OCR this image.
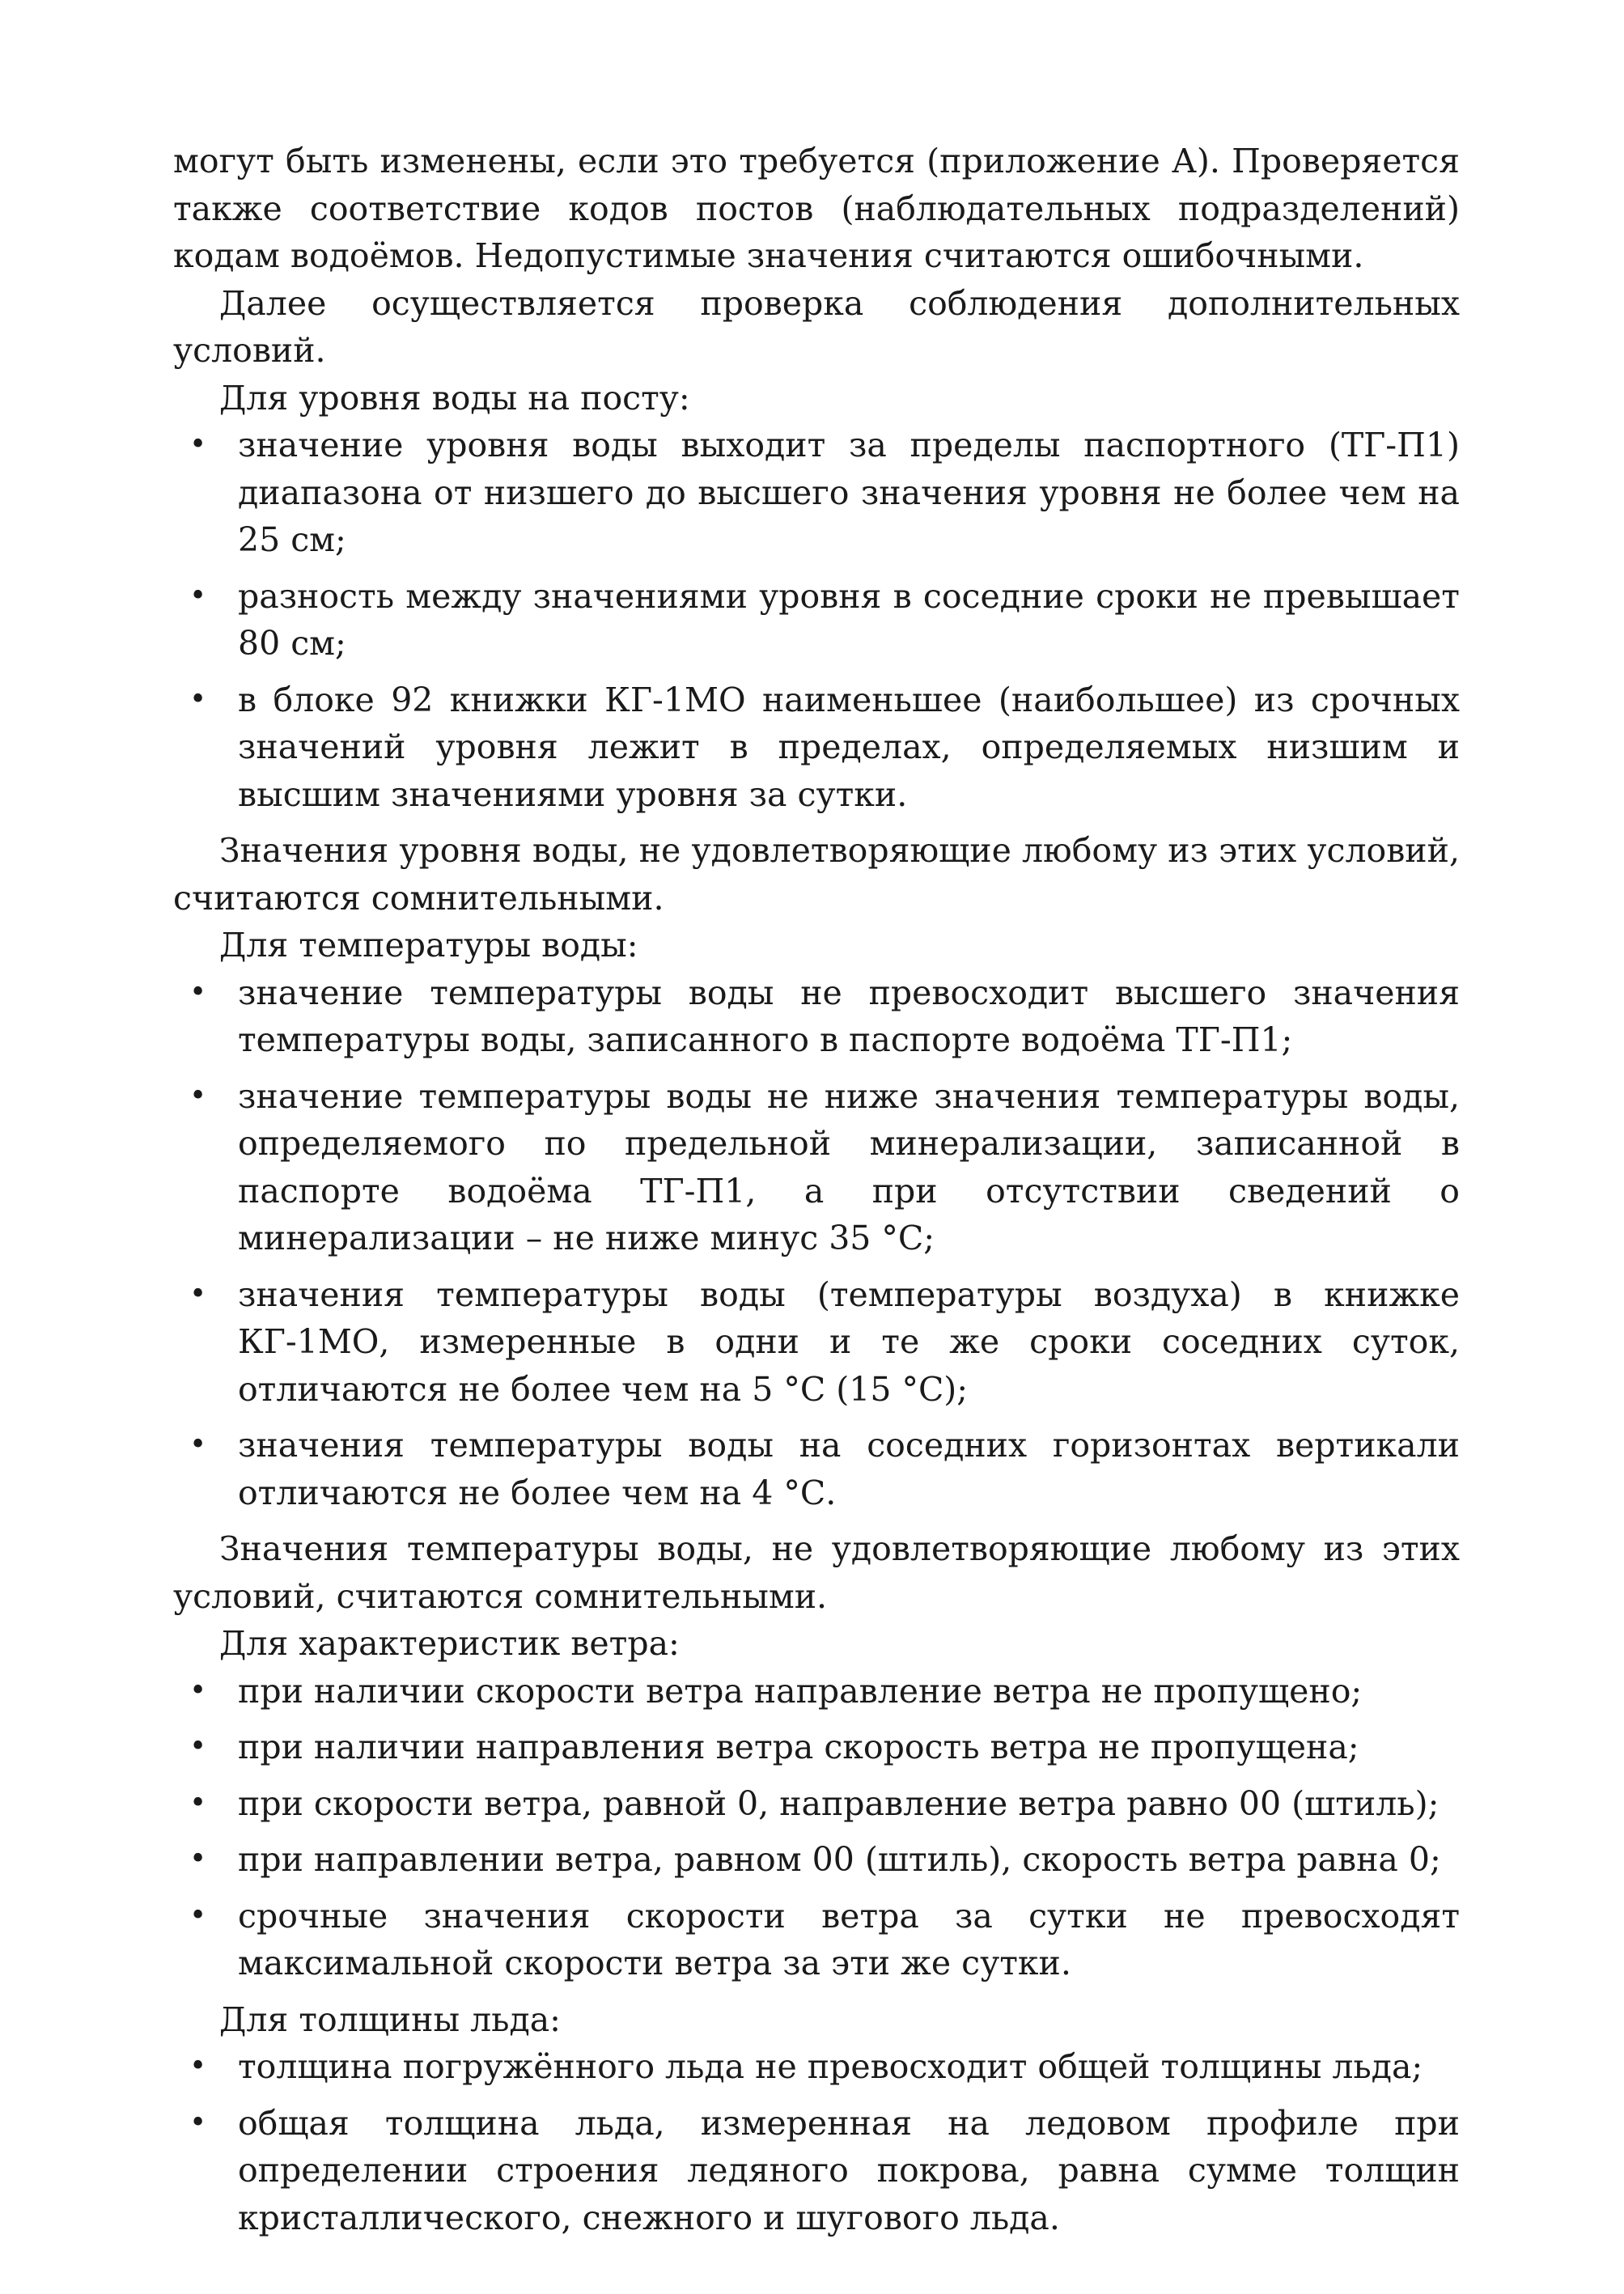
могут быть изменены, если это требуется (приложение А). Проверяется также соответствие кодов постов (наблюдательных подразделений) кодам водоёмов. Недопустимые значения считаются ошибочными.

Далее осуществляется проверка соблюдения дополнительных условий.

Для уровня воды на посту:

• значение уровня воды выходит за пределы паспортного (ТГ-П1) диапазона от низшего до высшего значения уровня не более чем на 25 см;
• разность между значениями уровня в соседние сроки не превышает 80 см;
• в блоке 92 книжки КГ-1МО наименьшее (наибольшее) из срочных значений уровня лежит в пределах, определяемых низшим и высшим значениями уровня за сутки.

Значения уровня воды, не удовлетворяющие любому из этих условий, считаются сомнительными.

Для температуры воды:

• значение температуры воды не превосходит высшего значения температуры воды, записанного в паспорте водоёма ТГ-П1;
• значение температуры воды не ниже значения температуры воды, определяемого по предельной минерализации, записанной в паспорте водоёма ТГ-П1, а при отсутствии сведений о минерализации – не ниже минус 35 °С;
• значения температуры воды (температуры воздуха) в книжке КГ-1МО, измеренные в одни и те же сроки соседних суток, отличаются не более чем на 5 °С (15 °С);
• значения температуры воды на соседних горизонтах вертикали отличаются не более чем на 4 °С.

Значения температуры воды, не удовлетворяющие любому из этих условий, считаются сомнительными.

Для характеристик ветра:

• при наличии скорости ветра направление ветра не пропущено;
• при наличии направления ветра скорость ветра не пропущена;
• при скорости ветра, равной 0, направление ветра равно 00 (штиль);
• при направлении ветра, равном 00 (штиль), скорость ветра равна 0;
• срочные значения скорости ветра за сутки не превосходят максимальной скорости ветра за эти же сутки.

Для толщины льда:

• толщина погружённого льда не превосходит общей толщины льда;
• общая толщина льда, измеренная на ледовом профиле при определении строения ледяного покрова, равна сумме толщин кристаллического, снежного и шугового льда.
